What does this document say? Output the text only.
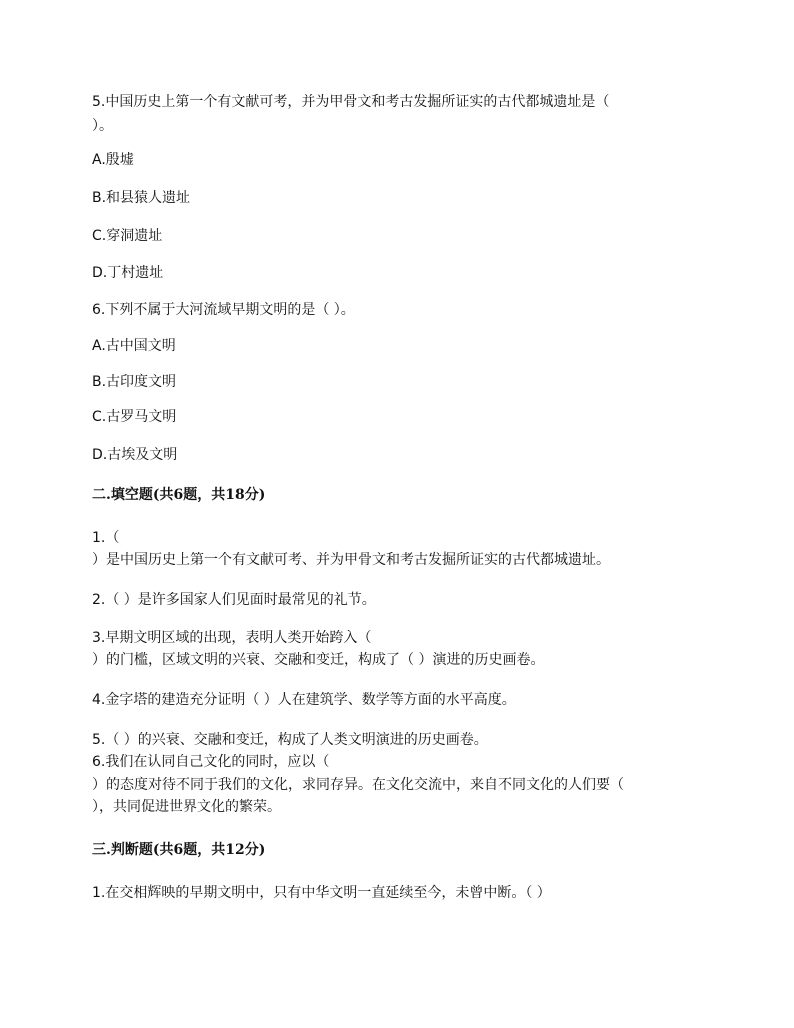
5.中国历史上第一个有文献可考，并为甲骨文和考古发掘所证实的古代都城遗址是（
）。
A.殷墟
B.和县猿人遗址
C.穿洞遗址
D.丁村遗址
6.下列不属于大河流域早期文明的是（ ）。
A.古中国文明
B.古印度文明
C.古罗马文明
D.古埃及文明
二.填空题(共6题，共18分)
1.（
）是中国历史上第一个有文献可考、并为甲骨文和考古发掘所证实的古代都城遗址。
2.（ ）是许多国家人们见面时最常见的礼节。
3.早期文明区域的出现，表明人类开始跨入（
）的门槛，区域文明的兴衰、交融和变迁，构成了（ ）演进的历史画卷。
4.金字塔的建造充分证明（ ）人在建筑学、数学等方面的水平高度。
5.（ ）的兴衰、交融和变迁，构成了人类文明演进的历史画卷。
6.我们在认同自己文化的同时，应以（
）的态度对待不同于我们的文化，求同存异。在文化交流中，来自不同文化的人们要（
），共同促进世界文化的繁荣。
三.判断题(共6题，共12分)
1.在交相辉映的早期文明中，只有中华文明一直延续至今，未曾中断。（ ）
